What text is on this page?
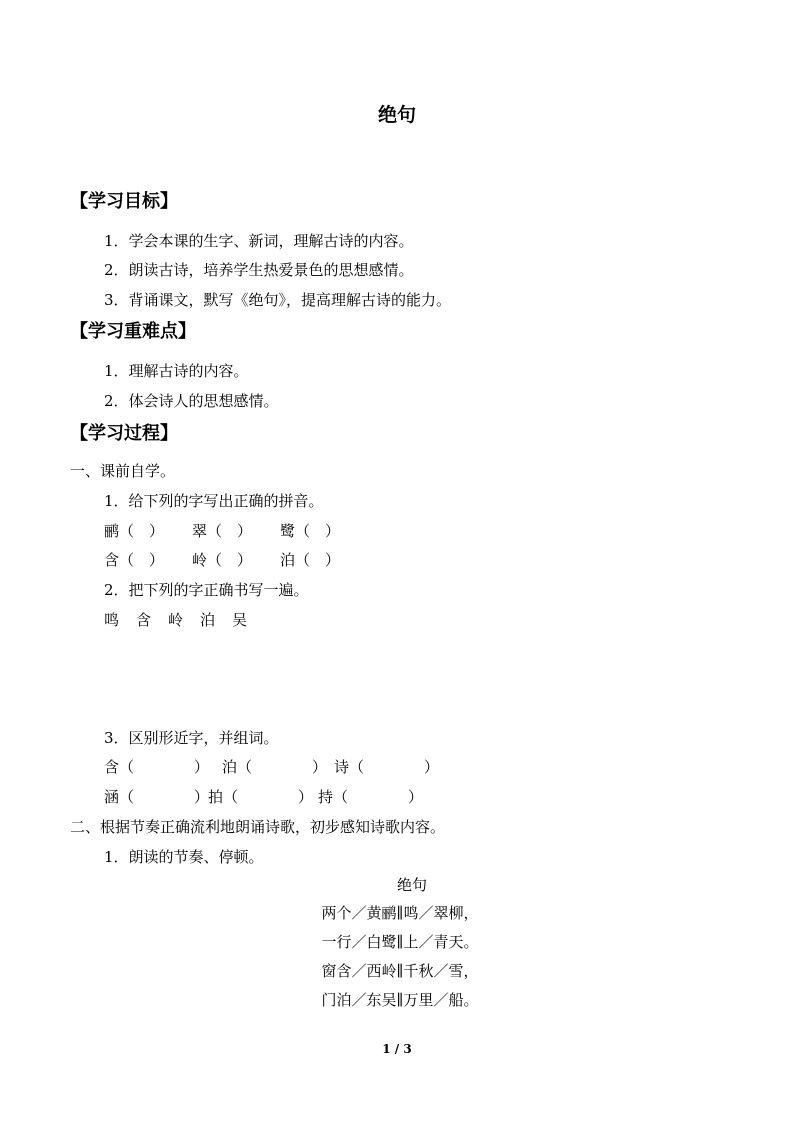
绝句
【学习目标】
1．学会本课的生字、新词，理解古诗的内容。
2．朗读古诗，培养学生热爱景色的思想感情。
3．背诵课文，默写《绝句》，提高理解古诗的能力。
【学习重难点】
1．理解古诗的内容。
2．体会诗人的思想感情。
【学习过程】
一、课前自学。
1．给下列的字写出正确的拼音。
鹂（　） 翠（　） 鹭（　）
含（　） 岭（　） 泊（　）
2．把下列的字正确书写一遍。
鸣 含 岭 泊 吴
3．区别形近字，并组词。
含（　　　　） 泊（　　　　） 诗（　　　　）
涵（　　　　）
拍（　　　　） 持（　　　　）
二、根据节奏正确流利地朗诵诗歌，初步感知诗歌内容。
1．朗读的节奏、停顿。
绝句
两个／黄鹂∥鸣／翠柳，
一行／白鹭∥上／青天。
窗含／西岭∥千秋／雪，
门泊／东吴∥万里／船。
1 / 3
